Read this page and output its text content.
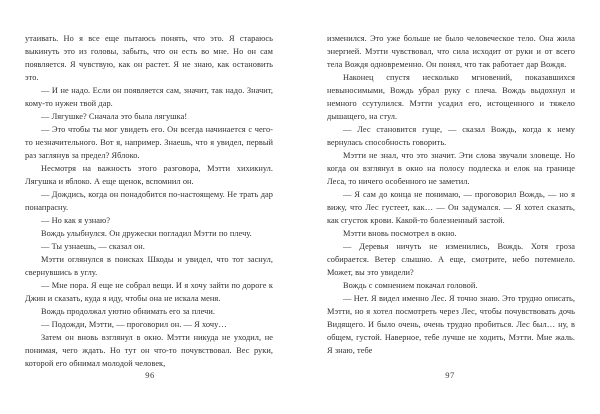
утаивать. Но я все еще пытаюсь понять, что это. Я стараюсь выкинуть это из головы, забыть, что он есть во мне. Но он сам появляется. Я чувствую, как он растет. Я не знаю, как остановить это.

— И не надо. Если он появляется сам, значит, так надо. Значит, кому-то нужен твой дар.

— Лягушке? Сначала это была лягушка!

— Это чтобы ты мог увидеть его. Он всегда начинается с чего-то незначительного. Вот я, например. Знаешь, что я увидел, первый раз заглянув за предел? Яблоко.

Несмотря на важность этого разговора, Мэтти хихикнул. Лягушка и яблоко. А еще щенок, вспомнил он.

— Дождись, когда он понадобится по-настоящему. Не трать дар понапрасну.

— Но как я узнаю?

Вождь улыбнулся. Он дружески погладил Мэтти по плечу.

— Ты узнаешь, — сказал он.

Мэтти оглянулся в поисках Шкоды и увидел, что тот заснул, свернувшись в углу.

— Мне пора. Я еще не собрал вещи. И я хочу зайти по дороге к Джин и сказать, куда я иду, чтобы она не искала меня.

Вождь продолжал уютно обнимать его за плечи.

— Подожди, Мэтти, — проговорил он. — Я хочу…

Затем он вновь взглянул в окно. Мэтти никуда не уходил, не понимая, чего ждать. Но тут он что-то почувствовал. Вес руки, которой его обнимал молодой человек,

96

изменился. Это уже больше не было человеческое тело. Она жила энергией. Мэтти чувствовал, что сила исходит от руки и от всего тела Вождя одновременно. Он понял, что так работает дар Вождя.

Наконец спустя несколько мгновений, показавшихся невыносимыми, Вождь убрал руку с плеча. Вождь выдохнул и немного ссутулился. Мэтти усадил его, истощенного и тяжело дышащего, на стул.

— Лес становится гуще, — сказал Вождь, когда к нему вернулась способность говорить.

Мэтти не знал, что это значит. Эти слова звучали зловеще. Но когда он взглянул в окно на полосу подлеска и елок на границе Леса, то ничего особенного не заметил.

— Я сам до конца не понимаю, — проговорил Вождь, — но я вижу, что Лес густеет, как… — Он задумался. — Я хотел сказать, как сгусток крови. Какой-то болезненный застой.

Мэтти вновь посмотрел в окно.

— Деревья ничуть не изменились, Вождь. Хотя гроза собирается. Ветер слышно. А еще, смотрите, небо потемнело. Может, вы это увидели?

Вождь с сомнением покачал головой.

— Нет. Я видел именно Лес. Я точно знаю. Это трудно описать, Мэтти, но я хотел посмотреть через Лес, чтобы почувствовать дочь Видящего. И было очень, очень трудно пробиться. Лес был… ну, в общем, густой. Наверное, тебе лучше не ходить, Мэтти. Мне жаль. Я знаю, тебе

97
